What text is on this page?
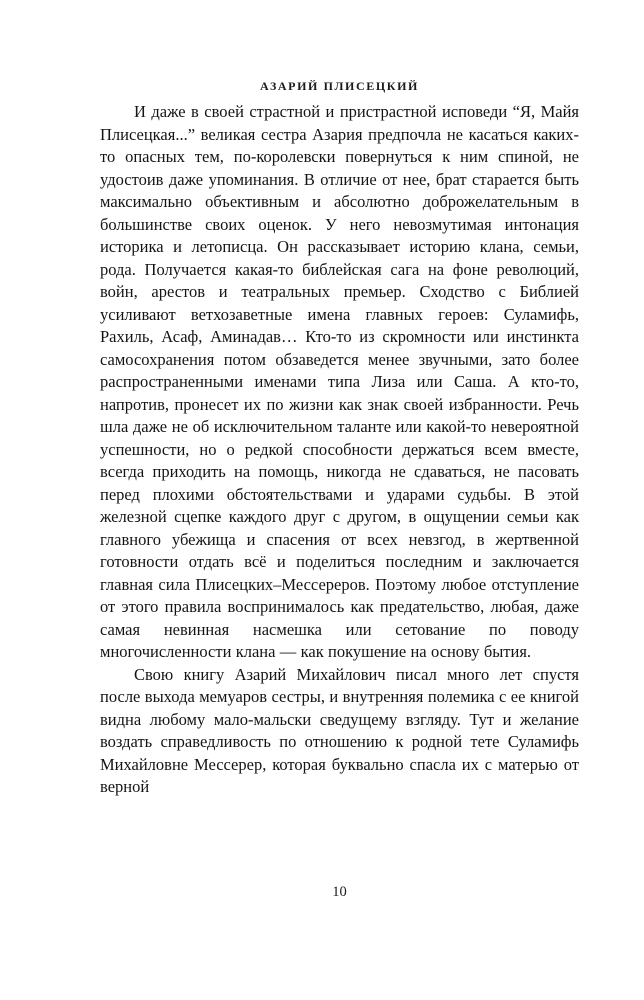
АЗАРИЙ ПЛИСЕЦКИЙ

И даже в своей страстной и пристрастной исповеди “Я, Майя Плисецкая...” великая сестра Азария предпочла не касаться каких-то опасных тем, по-королевски повернуться к ним спиной, не удостоив даже упоминания. В отличие от нее, брат старается быть максимально объективным и абсолютно доброжелательным в большинстве своих оценок. У него невозмутимая интонация историка и летописца. Он рассказывает историю клана, семьи, рода. Получается какая-то библейская сага на фоне революций, войн, арестов и театральных премьер. Сходство с Библией усиливают ветхозаветные имена главных героев: Суламифь, Рахиль, Асаф, Аминадав… Кто-то из скромности или инстинкта самосохранения потом обзаведется менее звучными, зато более распространенными именами типа Лиза или Саша. А кто-то, напротив, пронесет их по жизни как знак своей избранности. Речь шла даже не об исключительном таланте или какой-то невероятной успешности, но о редкой способности держаться всем вместе, всегда приходить на помощь, никогда не сдаваться, не пасовать перед плохими обстоятельствами и ударами судьбы. В этой железной сцепке каждого друг с другом, в ощущении семьи как главного убежища и спасения от всех невзгод, в жертвенной готовности отдать всё и поделиться последним и заключается главная сила Плисецких–Мессереров. Поэтому любое отступление от этого правила воспринималось как предательство, любая, даже самая невинная насмешка или сетование по поводу многочисленности клана — как покушение на основу бытия.

Свою книгу Азарий Михайлович писал много лет спустя после выхода мемуаров сестры, и внутренняя полемика с ее книгой видна любому мало-мальски сведущему взгляду. Тут и желание воздать справедливость по отношению к родной тете Суламифь Михайловне Мессерер, которая буквально спасла их с матерью от верной

10
